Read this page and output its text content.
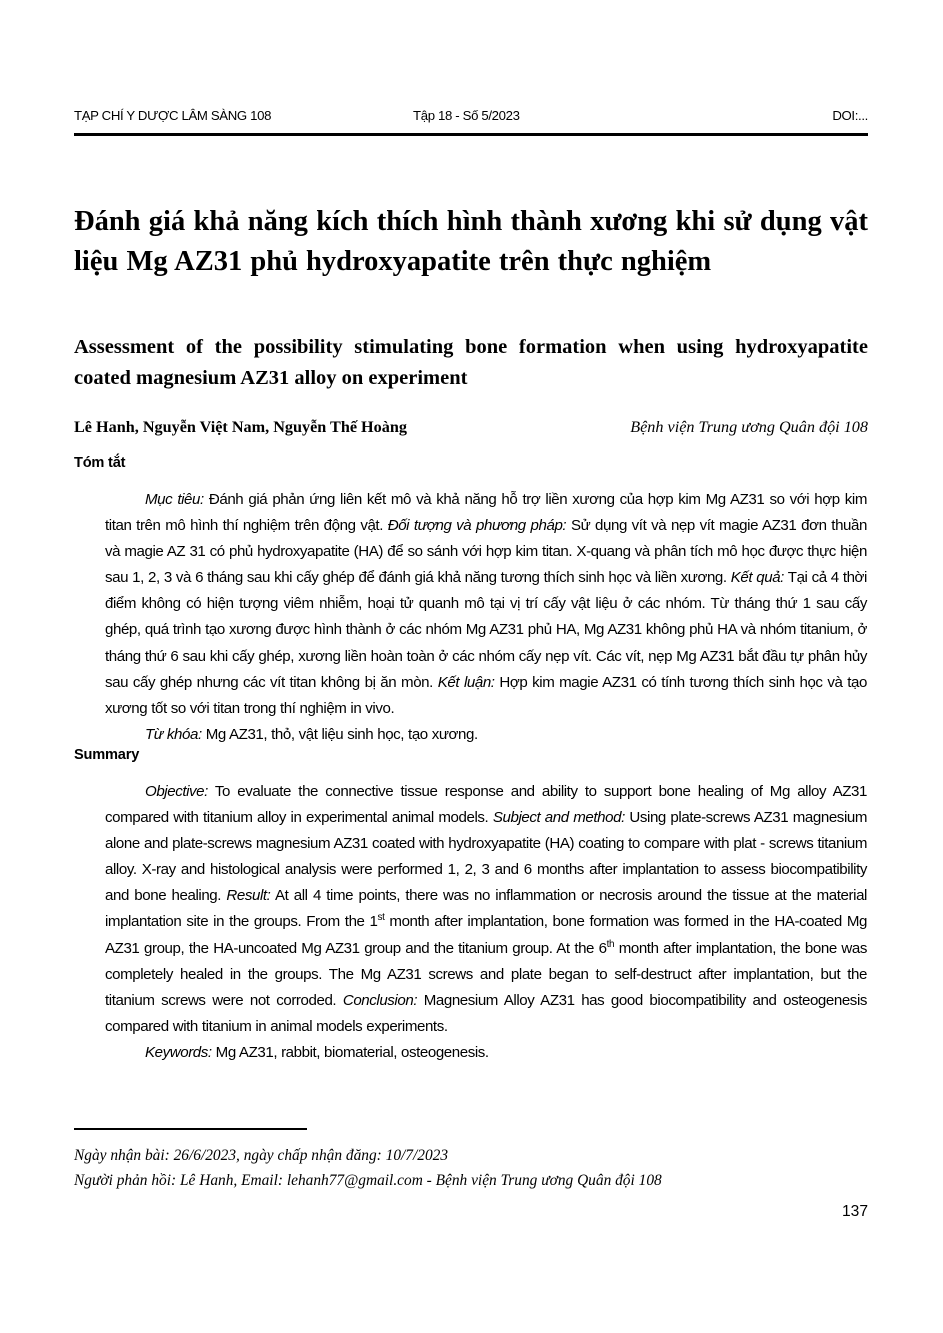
TẠP CHÍ Y DƯỢC LÂM SÀNG 108	Tập 18 - Số 5/2023	DOI:...
Đánh giá khả năng kích thích hình thành xương khi sử dụng vật liệu Mg AZ31 phủ hydroxyapatite trên thực nghiệm
Assessment of the possibility stimulating bone formation when using hydroxyapatite coated magnesium AZ31 alloy on experiment
Lê Hanh, Nguyễn Việt Nam, Nguyễn Thế Hoàng	Bệnh viện Trung ương Quân đội 108
Tóm tắt

Mục tiêu: Đánh giá phản ứng liên kết mô và khả năng hỗ trợ liền xương của hợp kim Mg AZ31 so với hợp kim titan trên mô hình thí nghiệm trên động vật. Đối tượng và phương pháp: Sử dụng vít và nẹp vít magie AZ31 đơn thuần và magie AZ 31 có phủ hydroxyapatite (HA) để so sánh với hợp kim titan. X-quang và phân tích mô học được thực hiện sau 1, 2, 3 và 6 tháng sau khi cấy ghép để đánh giá khả năng tương thích sinh học và liền xương. Kết quả: Tại cả 4 thời điểm không có hiện tượng viêm nhiễm, hoại tử quanh mô tại vị trí cấy vật liệu ở các nhóm. Từ tháng thứ 1 sau cấy ghép, quá trình tạo xương được hình thành ở các nhóm Mg AZ31 phủ HA, Mg AZ31 không phủ HA và nhóm titanium, ở tháng thứ 6 sau khi cấy ghép, xương liền hoàn toàn ở các nhóm cấy nẹp vít. Các vít, nẹp Mg AZ31 bắt đầu tự phân hủy sau cấy ghép nhưng các vít titan không bị ăn mòn. Kết luận: Hợp kim magie AZ31 có tính tương thích sinh học và tạo xương tốt so với titan trong thí nghiệm in vivo.

Từ khóa: Mg AZ31, thỏ, vật liệu sinh học, tạo xương.

Summary

Objective: To evaluate the connective tissue response and ability to support bone healing of Mg alloy AZ31 compared with titanium alloy in experimental animal models. Subject and method: Using plate-screws AZ31 magnesium alone and plate-screws magnesium AZ31 coated with hydroxyapatite (HA) coating to compare with plat - screws titanium alloy. X-ray and histological analysis were performed 1, 2, 3 and 6 months after implantation to assess biocompatibility and bone healing. Result: At all 4 time points, there was no inflammation or necrosis around the tissue at the material implantation site in the groups. From the 1st month after implantation, bone formation was formed in the HA-coated Mg AZ31 group, the HA-uncoated Mg AZ31 group and the titanium group. At the 6th month after implantation, the bone was completely healed in the groups. The Mg AZ31 screws and plate began to self-destruct after implantation, but the titanium screws were not corroded. Conclusion: Magnesium Alloy AZ31 has good biocompatibility and osteogenesis compared with titanium in animal models experiments.

Keywords: Mg AZ31, rabbit, biomaterial, osteogenesis.

Ngày nhận bài: 26/6/2023, ngày chấp nhận đăng: 10/7/2023
Người phản hồi: Lê Hanh, Email: lehanh77@gmail.com - Bệnh viện Trung ương Quân đội 108
137
